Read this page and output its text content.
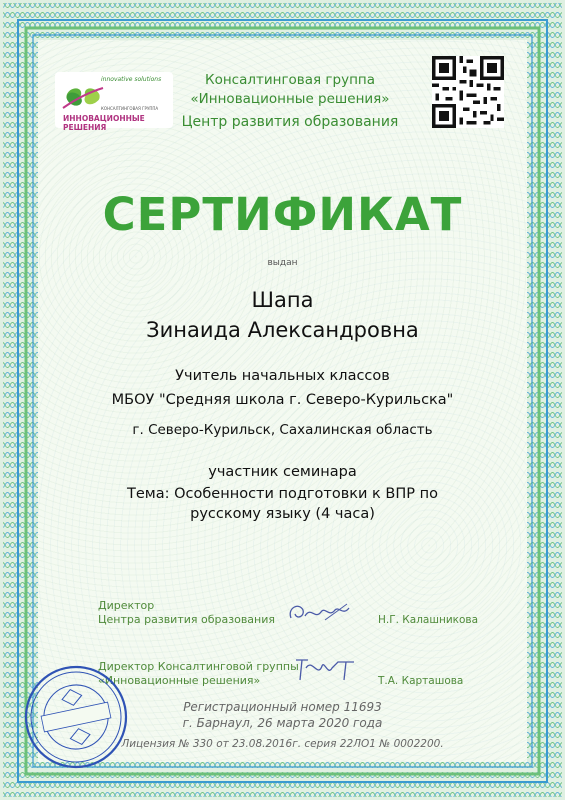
innovative solutions
КОНСАЛТИНГОВАЯ ГРУППА
ИННОВАЦИОННЫЕ РЕШЕНИЯ
Консалтинговая группа
«Инновационные решения»
Центр развития образования
СЕРТИФИКАТ
выдан
Шапа
Зинаида Александровна
Учитель начальных классов
МБОУ "Средняя школа г. Северо-Курильска"
г. Северо-Курильск, Сахалинская область
участник семинара
Тема: Особенности подготовки к ВПР по
русскому языку (4 часа)
Директор
Центра развития образования	Н.Г. Калашникова
Директор Консалтинговой группы
«Инновационные решения»	Т.А. Карташова
Регистрационный номер 11693
г. Барнаул, 26 марта 2020 года
Лицензия № 330 от 23.08.2016г. серия 22ЛО1 № 0002200.
